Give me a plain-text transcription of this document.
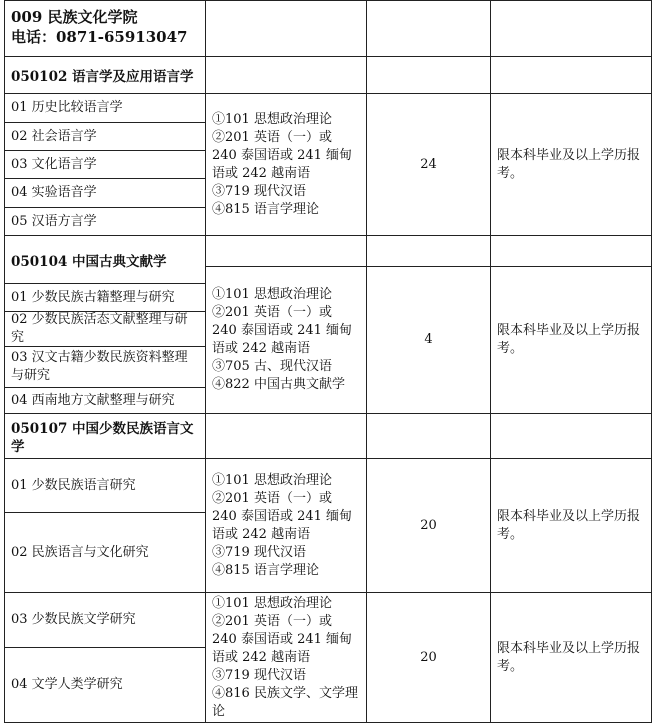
009 民族文化学院
电话：0871-65913047
050102 语言学及应用语言学
01 历史比较语言学
02 社会语言学
03 文化语言学
04 实验语音学
05 汉语方言学
①101 思想政治理论
②201 英语（一）或 240 泰国语或 241 缅甸语或 242 越南语
③719 现代汉语
④815 语言学理论
24
限本科毕业及以上学历报考。
050104 中国古典文献学
01 少数民族古籍整理与研究
02 少数民族活态文献整理与研究
03 汉文古籍少数民族资料整理与研究
04 西南地方文献整理与研究
①101 思想政治理论
②201 英语（一）或 240 泰国语或 241 缅甸语或 242 越南语
③705 古、现代汉语
④822 中国古典文献学
4
限本科毕业及以上学历报考。
050107 中国少数民族语言文学
01 少数民族语言研究
02 民族语言与文化研究
①101 思想政治理论
②201 英语（一）或 240 泰国语或 241 缅甸语或 242 越南语
③719 现代汉语
④815 语言学理论
20
限本科毕业及以上学历报考。
03 少数民族文学研究
04 文学人类学研究
①101 思想政治理论
②201 英语（一）或 240 泰国语或 241 缅甸语或 242 越南语
③719 现代汉语
④816 民族文学、文学理论
20
限本科毕业及以上学历报考。
